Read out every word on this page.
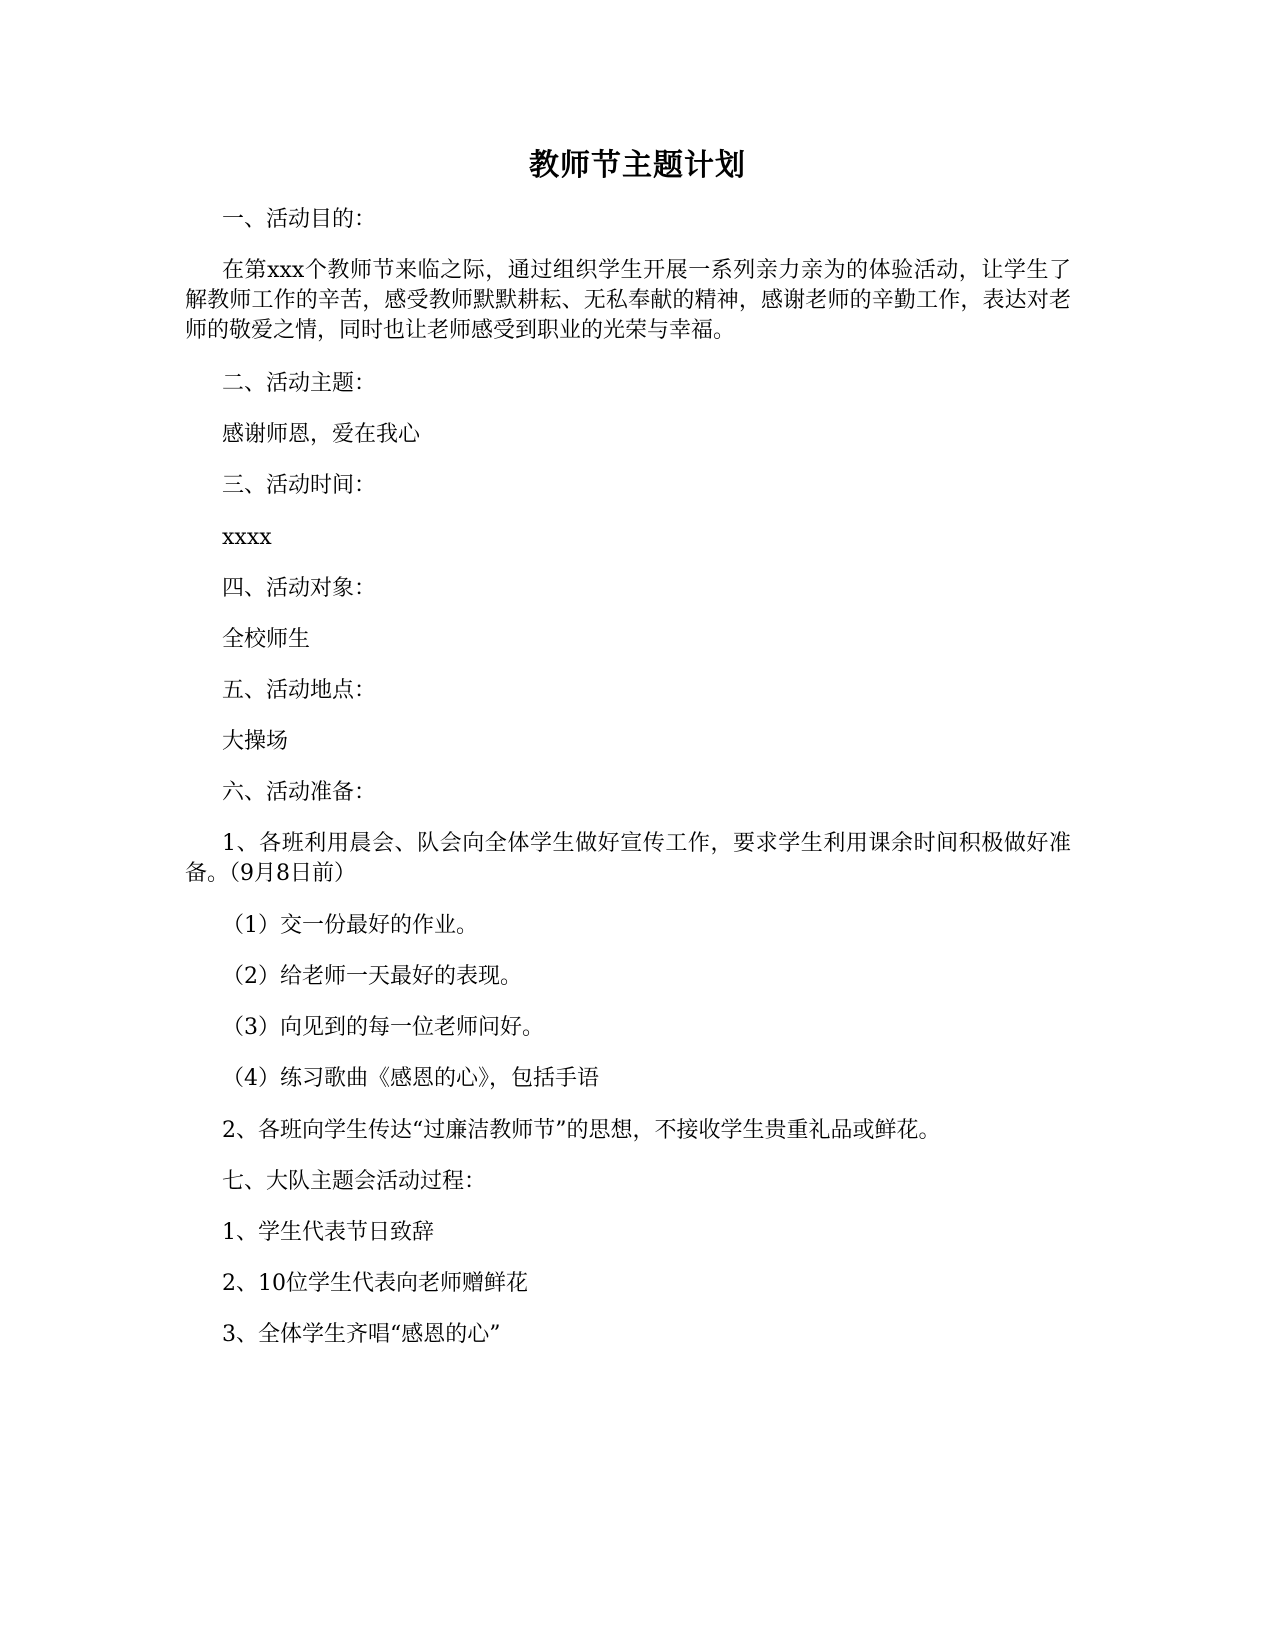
教师节主题计划
一、活动目的：
在第xxx个教师节来临之际，通过组织学生开展一系列亲力亲为的体验活动，让学生了解教师工作的辛苦，感受教师默默耕耘、无私奉献的精神，感谢老师的辛勤工作，表达对老师的敬爱之情，同时也让老师感受到职业的光荣与幸福。
二、活动主题：
感谢师恩，爱在我心
三、活动时间：
xxxx
四、活动对象：
全校师生
五、活动地点：
大操场
六、活动准备：
1、各班利用晨会、队会向全体学生做好宣传工作，要求学生利用课余时间积极做好准备。（9月8日前）
（1）交一份最好的作业。
（2）给老师一天最好的表现。
（3）向见到的每一位老师问好。
（4）练习歌曲《感恩的心》，包括手语
2、各班向学生传达“过廉洁教师节”的思想，不接收学生贵重礼品或鲜花。
七、大队主题会活动过程：
1、学生代表节日致辞
2、10位学生代表向老师赠鲜花
3、全体学生齐唱“感恩的心”
